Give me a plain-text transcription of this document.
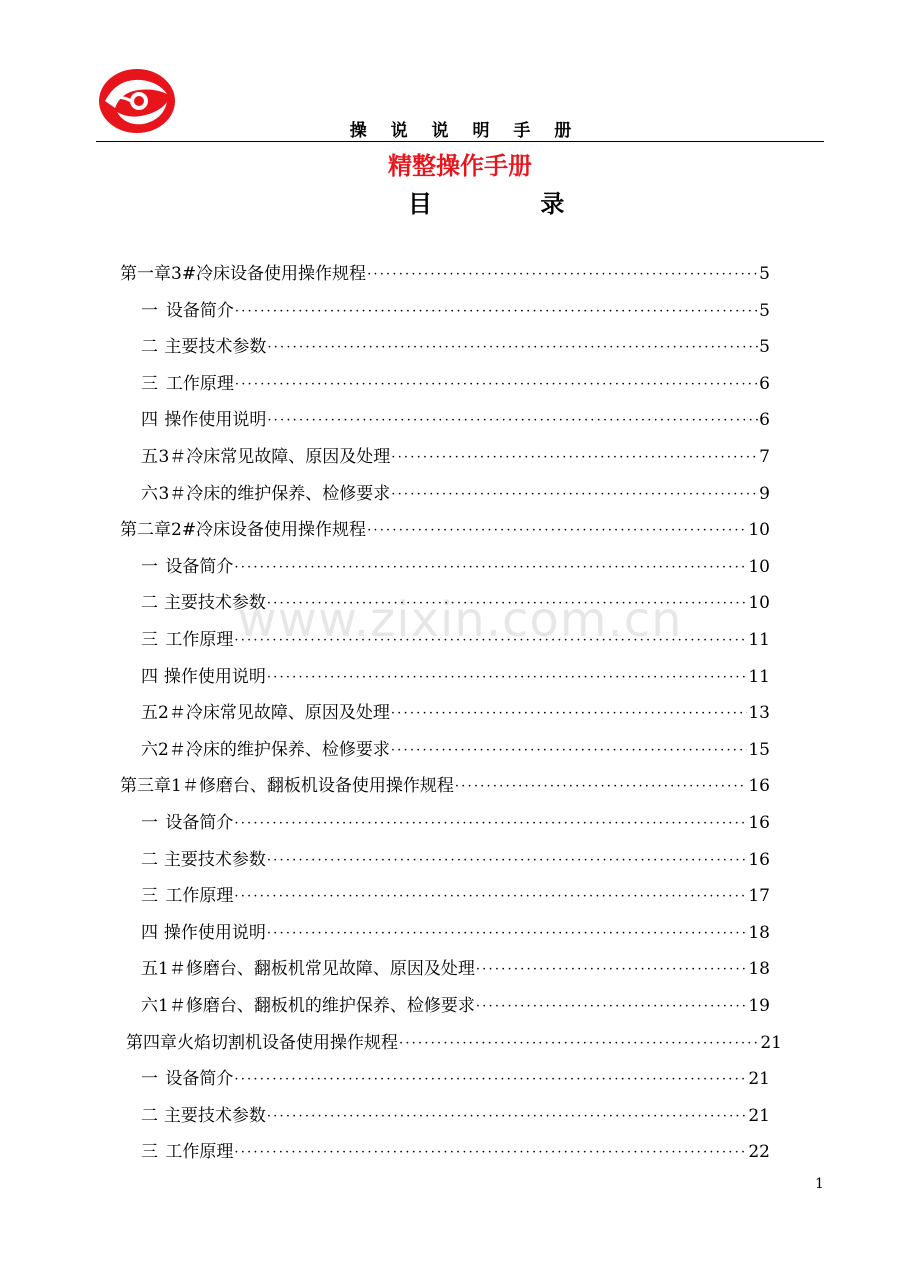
操 说 说 明 手 册
精整操作手册
目 录
www.zixin.com.cn
第一章 3#冷床设备使用操作规程 ·····	5
一 设备简介 ·····	5
二 主要技术参数 ·····	5
三 工作原理 ·····	6
四 操作使用说明 ·····	6
五 3＃冷床常见故障、原因及处理 ·····	7
六 3＃冷床的维护保养、检修要求 ·····	9
第二章 2#冷床设备使用操作规程 ·····	10
一 设备简介 ·····	10
二 主要技术参数 ·····	10
三 工作原理 ·····	11
四 操作使用说明 ·····	11
五 2＃冷床常见故障、原因及处理 ·····	13
六 2＃冷床的维护保养、检修要求 ·····	15
第三章 1＃修磨台、翻板机设备使用操作规程 ·····	16
一 设备简介 ·····	16
二 主要技术参数 ·····	16
三 工作原理 ·····	17
四 操作使用说明 ·····	18
五 1＃修磨台、翻板机常见故障、原因及处理 ·····	18
六 1＃修磨台、翻板机的维护保养、检修要求 ·····	19
第四章 火焰切割机设备使用操作规程 ·····	21
一 设备简介 ·····	21
二 主要技术参数 ·····	21
三 工作原理 ·····	22
1
